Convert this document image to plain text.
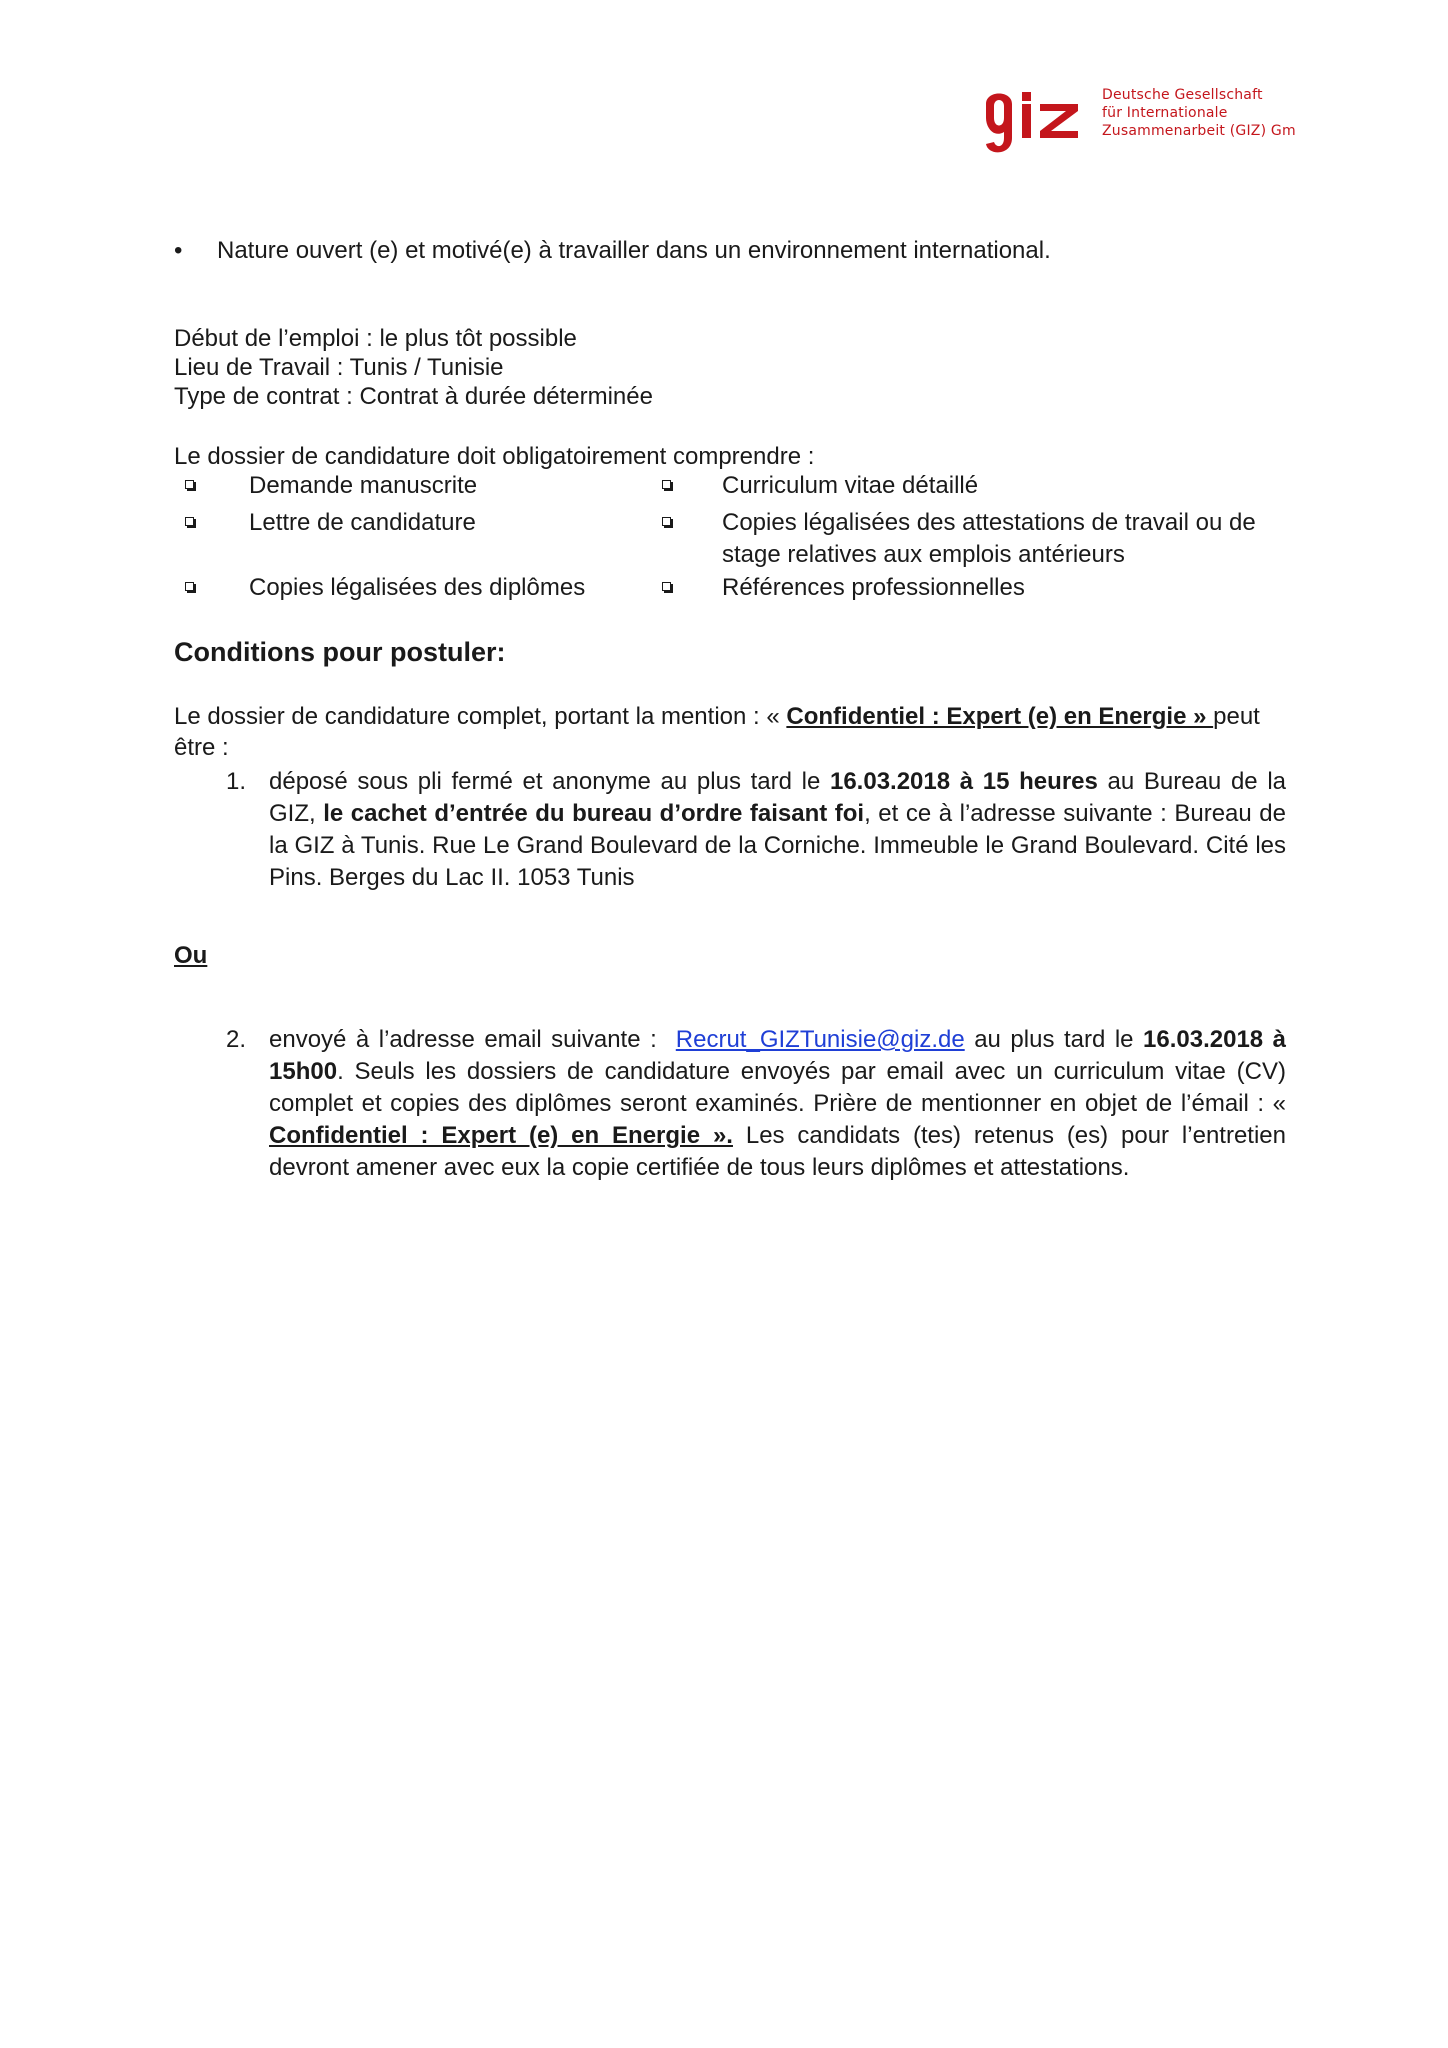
Deutsche Gesellschaft
für Internationale
Zusammenarbeit (GIZ) Gm
• Nature ouvert (e) et motivé(e) à travailler dans un environnement international.
Début de l’emploi : le plus tôt possible
Lieu de Travail : Tunis / Tunisie
Type de contrat : Contrat à durée déterminée
Le dossier de candidature doit obligatoirement comprendre :
Demande manuscrite	Curriculum vitae détaillé
Lettre de candidature	Copies légalisées des attestations de travail ou de stage relatives aux emplois antérieurs
Copies légalisées des diplômes	Références professionnelles
Conditions pour postuler:
Le dossier de candidature complet, portant la mention : « Confidentiel : Expert (e) en Energie » peut être :
1. déposé sous pli fermé et anonyme au plus tard le 16.03.2018 à 15 heures au Bureau de la GIZ, le cachet d’entrée du bureau d’ordre faisant foi, et ce à l’adresse suivante : Bureau de la GIZ à Tunis. Rue Le Grand Boulevard de la Corniche. Immeuble le Grand Boulevard. Cité les Pins. Berges du Lac II. 1053 Tunis
Ou
2. envoyé à l’adresse email suivante :  Recrut_GIZTunisie@giz.de au plus tard le 16.03.2018 à 15h00. Seuls les dossiers de candidature envoyés par email avec un curriculum vitae (CV) complet et copies des diplômes seront examinés. Prière de mentionner en objet de l’émail : « Confidentiel : Expert (e) en Energie ». Les candidats (tes) retenus (es) pour l’entretien devront amener avec eux la copie certifiée de tous leurs diplômes et attestations.
